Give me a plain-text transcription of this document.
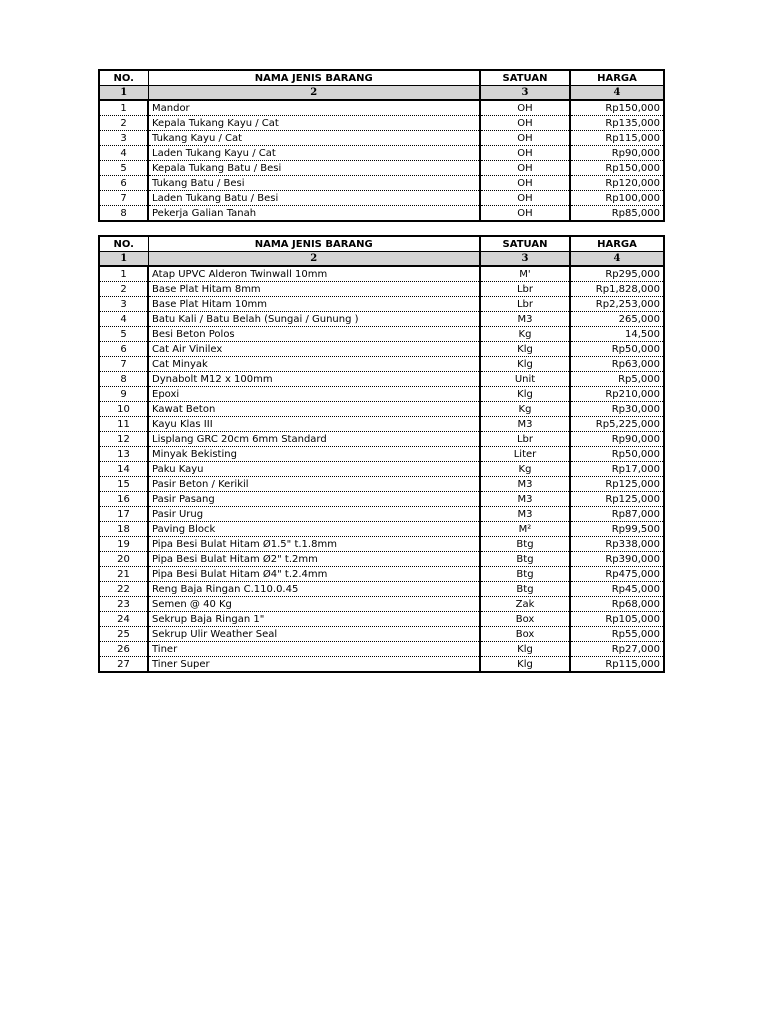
NO.	NAMA JENIS BARANG	SATUAN	HARGA
1	2	3	4
1	Mandor	OH	Rp150,000
2	Kepala Tukang Kayu / Cat	OH	Rp135,000
3	Tukang Kayu / Cat	OH	Rp115,000
4	Laden Tukang Kayu / Cat	OH	Rp90,000
5	Kepala Tukang Batu / Besi	OH	Rp150,000
6	Tukang Batu / Besi	OH	Rp120,000
7	Laden Tukang Batu / Besi	OH	Rp100,000
8	Pekerja Galian Tanah	OH	Rp85,000
NO.	NAMA JENIS BARANG	SATUAN	HARGA
1	2	3	4
1	Atap UPVC Alderon Twinwall 10mm	M'	Rp295,000
2	Base Plat Hitam 8mm	Lbr	Rp1,828,000
3	Base Plat Hitam 10mm	Lbr	Rp2,253,000
4	Batu Kali / Batu Belah (Sungai / Gunung )	M3	265,000
5	Besi Beton Polos	Kg	14,500
6	Cat Air Vinilex	Klg	Rp50,000
7	Cat Minyak	Klg	Rp63,000
8	Dynabolt M12 x 100mm	Unit	Rp5,000
9	Epoxi	Klg	Rp210,000
10	Kawat Beton	Kg	Rp30,000
11	Kayu Klas III	M3	Rp5,225,000
12	Lisplang GRC 20cm 6mm Standard	Lbr	Rp90,000
13	Minyak Bekisting	Liter	Rp50,000
14	Paku Kayu	Kg	Rp17,000
15	Pasir Beton / Kerikil	M3	Rp125,000
16	Pasir Pasang	M3	Rp125,000
17	Pasir Urug	M3	Rp87,000
18	Paving Block	M²	Rp99,500
19	Pipa Besi Bulat Hitam Ø1.5" t.1.8mm	Btg	Rp338,000
20	Pipa Besi Bulat Hitam Ø2" t.2mm	Btg	Rp390,000
21	Pipa Besi Bulat Hitam Ø4" t.2.4mm	Btg	Rp475,000
22	Reng Baja Ringan C.110.0.45	Btg	Rp45,000
23	Semen @ 40 Kg	Zak	Rp68,000
24	Sekrup Baja Ringan 1"	Box	Rp105,000
25	Sekrup Ulir Weather Seal	Box	Rp55,000
26	Tiner	Klg	Rp27,000
27	Tiner Super	Klg	Rp115,000
